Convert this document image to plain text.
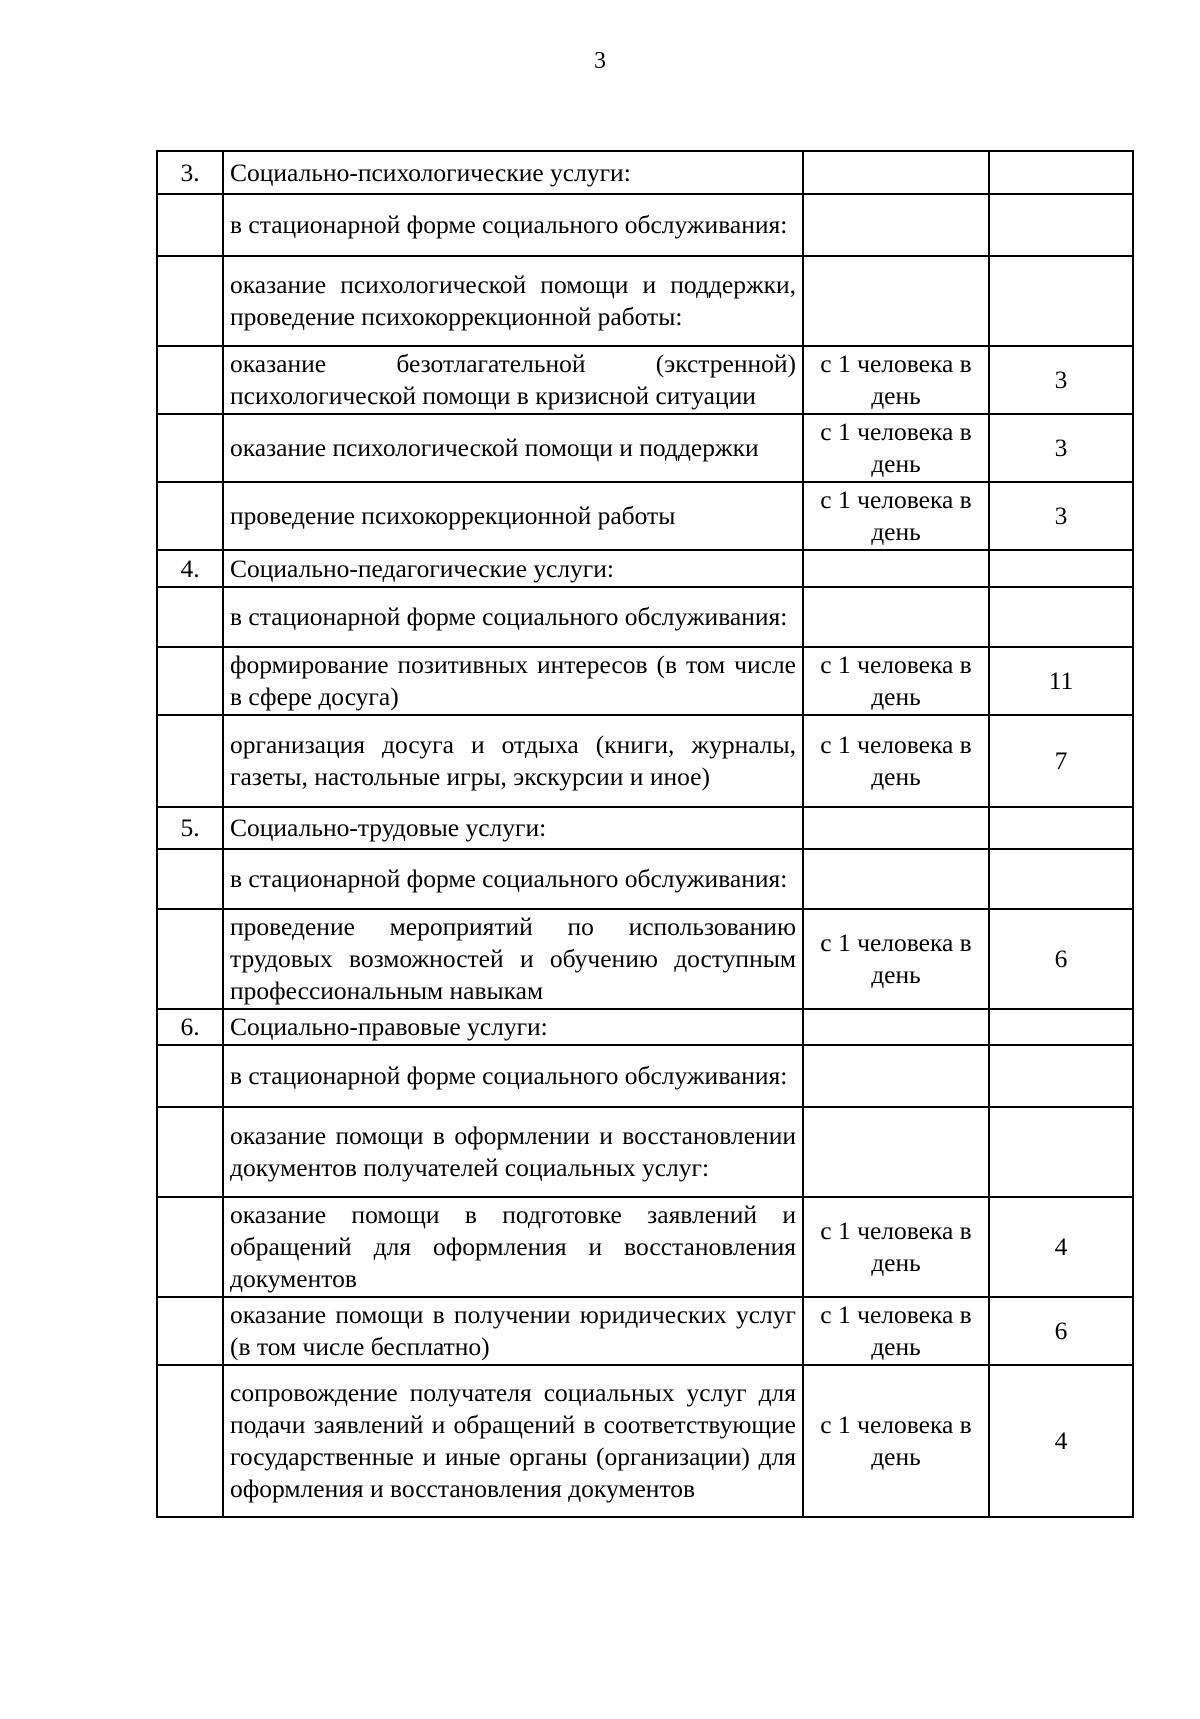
3
3.	Социально-психологические услуги:		
	в стационарной форме социального обслуживания:		
	оказание психологической помощи и поддержки, проведение психокоррекционной работы:		
	оказание безотлагательной (экстренной) психологической помощи в кризисной ситуации	с 1 человека в день	3
	оказание психологической помощи и поддержки	с 1 человека в день	3
	проведение психокоррекционной работы	с 1 человека в день	3
4.	Социально-педагогические услуги:		
	в стационарной форме социального обслуживания:		
	формирование позитивных интересов (в том числе в сфере досуга)	с 1 человека в день	11
	организация досуга и отдыха (книги, журналы, газеты, настольные игры, экскурсии и иное)	с 1 человека в день	7
5.	Социально-трудовые услуги:		
	в стационарной форме социального обслуживания:		
	проведение мероприятий по использованию трудовых возможностей и обучению доступным профессиональным навыкам	с 1 человека в день	6
6.	Социально-правовые услуги:		
	в стационарной форме социального обслуживания:		
	оказание помощи в оформлении и восстановлении документов получателей социальных услуг:		
	оказание помощи в подготовке заявлений и обращений для оформления и восстановления документов	с 1 человека в день	4
	оказание помощи в получении юридических услуг (в том числе бесплатно)	с 1 человека в день	6
	сопровождение получателя социальных услуг для подачи заявлений и обращений в соответствующие государственные и иные органы (организации) для оформления и восстановления документов	с 1 человека в день	4
